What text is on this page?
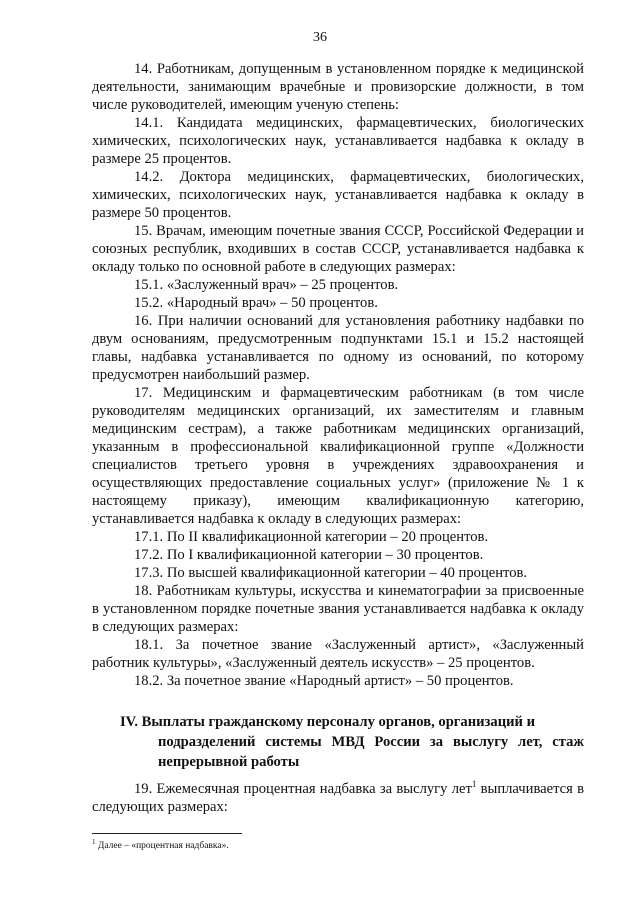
36

14. Работникам, допущенным в установленном порядке к медицинской деятельности, занимающим врачебные и провизорские должности, в том числе руководителей, имеющим ученую степень:

14.1. Кандидата медицинских, фармацевтических, биологических химических, психологических наук, устанавливается надбавка к окладу в размере 25 процентов.

14.2. Доктора медицинских, фармацевтических, биологических, химических, психологических наук, устанавливается надбавка к окладу в размере 50 процентов.

15. Врачам, имеющим почетные звания СССР, Российской Федерации и союзных республик, входивших в состав СССР, устанавливается надбавка к окладу только по основной работе в следующих размерах:

15.1. «Заслуженный врач» – 25 процентов.

15.2. «Народный врач» – 50 процентов.

16. При наличии оснований для установления работнику надбавки по двум основаниям, предусмотренным подпунктами 15.1 и 15.2 настоящей главы, надбавка устанавливается по одному из оснований, по которому предусмотрен наибольший размер.

17. Медицинским и фармацевтическим работникам (в том числе руководителям медицинских организаций, их заместителям и главным медицинским сестрам), а также работникам медицинских организаций, указанным в профессиональной квалификационной группе «Должности специалистов третьего уровня в учреждениях здравоохранения и осуществляющих предоставление социальных услуг» (приложение № 1 к настоящему приказу), имеющим квалификационную категорию, устанавливается надбавка к окладу в следующих размерах:

17.1. По II квалификационной категории – 20 процентов.

17.2. По I квалификационной категории – 30 процентов.

17.3. По высшей квалификационной категории – 40 процентов.

18. Работникам культуры, искусства и кинематографии за присвоенные в установленном порядке почетные звания устанавливается надбавка к окладу в следующих размерах:

18.1. За почетное звание «Заслуженный артист», «Заслуженный работник культуры», «Заслуженный деятель искусств» – 25 процентов.

18.2. За почетное звание «Народный артист» – 50 процентов.

IV. Выплаты гражданскому персоналу органов, организаций и
подразделений системы МВД России за выслугу лет, стаж непрерывной работы

19. Ежемесячная процентная надбавка за выслугу лет$^1$ выплачивается в следующих размерах:

$^1$ Далее – «процентная надбавка».
